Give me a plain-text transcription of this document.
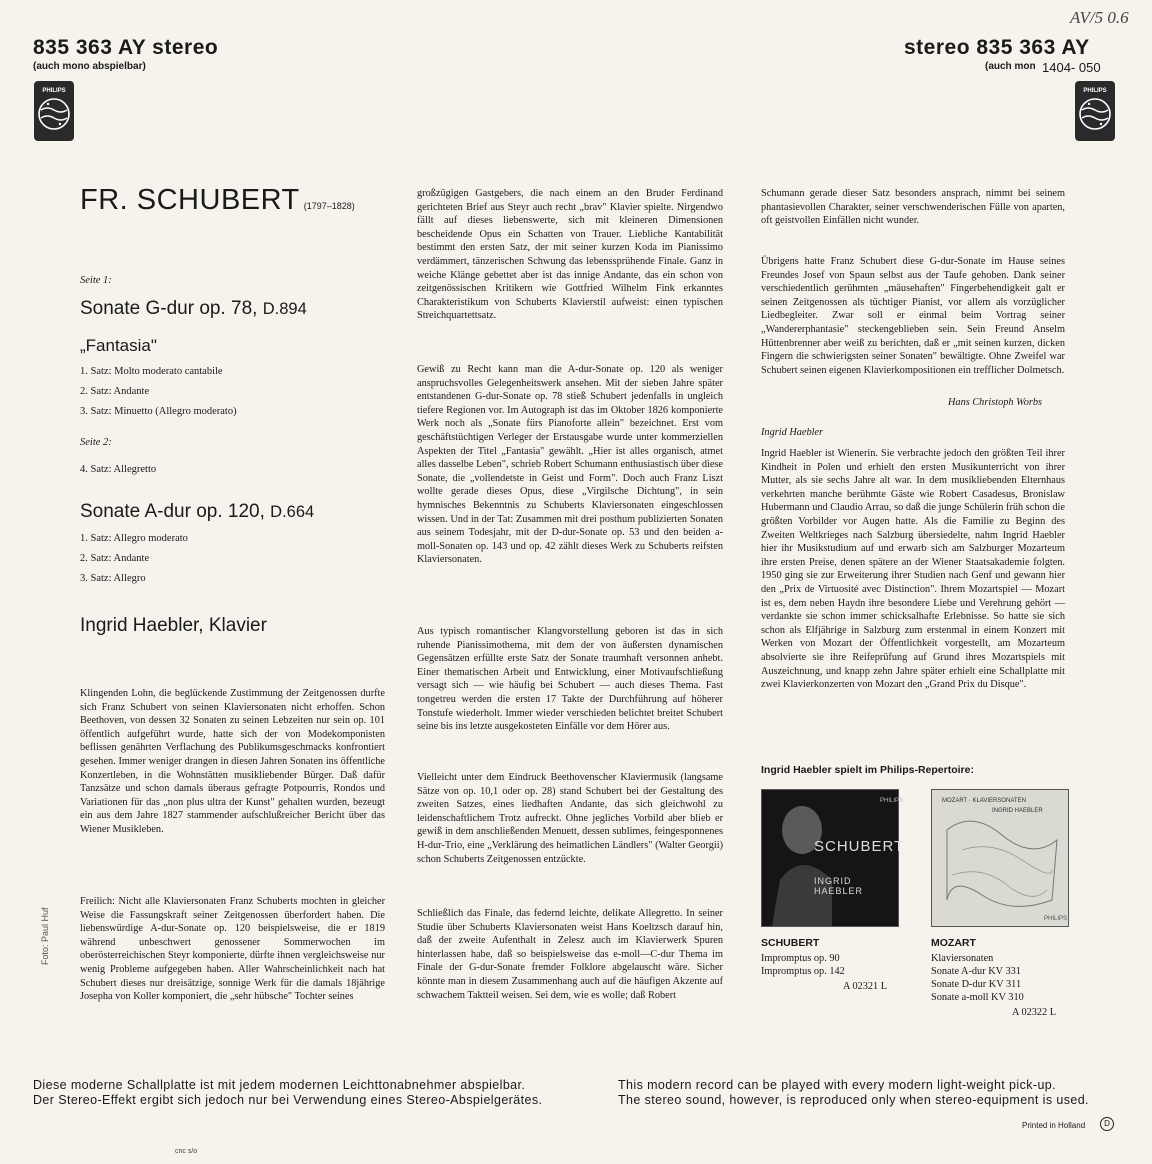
835 363 AY stereo
(auch mono abspielbar)
stereo 835 363 AY
(auch mon 1404- 050
AV/5 0.6
PHILIPS	PHILIPS
FR. SCHUBERT (1797–1828)
Seite 1:
Sonate G-dur op. 78, D.894
„Fantasia"
1. Satz: Molto moderato cantabile
2. Satz: Andante
3. Satz: Minuetto (Allegro moderato)
Seite 2:
4. Satz: Allegretto
Sonate A-dur op. 120, D.664
1. Satz: Allegro moderato
2. Satz: Andante
3. Satz: Allegro
Ingrid Haebler, Klavier
Klingenden Lohn, die beglückende Zustimmung der Zeitgenossen durfte sich Franz Schubert von seinen Klaviersonaten nicht erhoffen. Schon Beethoven, von dessen 32 Sonaten zu seinen Lebzeiten nur sein op. 101 öffentlich aufgeführt wurde, hatte sich der von Modekomponisten beflissen genährten Verflachung des Publikumsgeschmacks konfrontiert gesehen. Immer weniger drangen in diesen Jahren Sonaten ins öffentliche Konzertleben, in die Wohnstätten musikliebender Bürger. Daß dafür Tanzsätze und schon damals überaus gefragte Potpourris, Rondos und Variationen für das „non plus ultra der Kunst" gehalten wurden, bezeugt ein aus dem Jahre 1827 stammender aufschlußreicher Bericht über das Wiener Musikleben.
Freilich: Nicht alle Klaviersonaten Franz Schuberts mochten in gleicher Weise die Fassungskraft seiner Zeitgenossen überfordert haben. Die liebenswürdige A-dur-Sonate op. 120 beispielsweise, die er 1819 während unbeschwert genossener Sommerwochen im oberösterreichischen Steyr komponierte, dürfte ihnen vergleichsweise nur wenig Probleme aufgegeben haben. Aller Wahrscheinlichkeit nach hat Schubert dieses nur dreisätzige, sonnige Werk für die damals 18jährige Josepha von Koller komponiert, die „sehr hübsche" Tochter seines
Foto: Paul Huf
großzügigen Gastgebers, die nach einem an den Bruder Ferdinand gerichteten Brief aus Steyr auch recht „brav" Klavier spielte. Nirgendwo fällt auf dieses liebenswerte, sich mit kleineren Dimensionen bescheidende Opus ein Schatten von Trauer. Liebliche Kantabilität bestimmt den ersten Satz, der mit seiner kurzen Koda im Pianissimo verdämmert, tänzerischen Schwung das lebenssprühende Finale. Ganz in weiche Klänge gebettet aber ist das innige Andante, das ein schon von zeitgenössischen Kritikern wie Gottfried Wilhelm Fink erkanntes Charakteristikum von Schuberts Klavierstil aufweist: einen typischen Streichquartettsatz.
Gewiß zu Recht kann man die A-dur-Sonate op. 120 als weniger anspruchsvolles Gelegenheitswerk ansehen. Mit der sieben Jahre später entstandenen G-dur-Sonate op. 78 stieß Schubert jedenfalls in ungleich tiefere Regionen vor. Im Autograph ist das im Oktober 1826 komponierte Werk noch als „Sonate fürs Pianoforte allein" bezeichnet. Erst vom geschäftstüchtigen Verleger der Erstausgabe wurde unter kommerziellen Aspekten der Titel „Fantasia" gewählt. „Hier ist alles organisch, atmet alles dasselbe Leben", schrieb Robert Schumann enthusiastisch über diese Sonate, die „vollendetste in Geist und Form". Doch auch Franz Liszt wollte gerade dieses Opus, diese „Virgilsche Dichtung", in sein hymnisches Bekenntnis zu Schuberts Klaviersonaten eingeschlossen wissen. Und in der Tat: Zusammen mit drei posthum publizierten Sonaten aus seinem Todesjahr, mit der D-dur-Sonate op. 53 und den beiden a-moll-Sonaten op. 143 und op. 42 zählt dieses Werk zu Schuberts reifsten Klaviersonaten.
Aus typisch romantischer Klangvorstellung geboren ist das in sich ruhende Pianissimothema, mit dem der von äußersten dynamischen Gegensätzen erfüllte erste Satz der Sonate traumhaft versonnen anhebt. Einer thematischen Arbeit und Entwicklung, einer Motivaufschließung versagt sich — wie häufig bei Schubert — auch dieses Thema. Fast tongetreu werden die ersten 17 Takte der Durchführung auf höherer Tonstufe wiederholt. Immer wieder verschieden belichtet breitet Schubert seine bis ins letzte ausgekosteten Einfälle vor dem Hörer aus.
Vielleicht unter dem Eindruck Beethovenscher Klaviermusik (langsame Sätze von op. 10,1 oder op. 28) stand Schubert bei der Gestaltung des zweiten Satzes, eines liedhaften Andante, das sich gleichwohl zu leidenschaftlichem Trotz aufreckt. Ohne jegliches Vorbild aber blieb er gewiß in dem anschließenden Menuett, dessen sublimes, feingesponnenes H-dur-Trio, eine „Verklärung des heimatlichen Ländlers" (Walter Georgii) schon Schuberts Zeitgenossen entzückte.
Schließlich das Finale, das federnd leichte, delikate Allegretto. In seiner Studie über Schuberts Klaviersonaten weist Hans Koeltzsch darauf hin, daß der zweite Aufenthalt in Zelesz auch im Klavierwerk Spuren hinterlassen habe, daß so beispielsweise das e-moll—C-dur Thema im Finale der G-dur-Sonate fremder Folklore abgelauscht wäre. Sicher könnte man in diesem Zusammenhang auch auf die häufigen Akzente auf schwachem Taktteil weisen. Sei dem, wie es wolle; daß Robert
Schumann gerade dieser Satz besonders ansprach, nimmt bei seinem phantasievollen Charakter, seiner verschwenderischen Fülle von aparten, oft geistvollen Einfällen nicht wunder.
Übrigens hatte Franz Schubert diese G-dur-Sonate im Hause seines Freundes Josef von Spaun selbst aus der Taufe gehoben. Dank seiner verschiedentlich gerühmten „mäusehaften" Fingerbehendigkeit galt er seinen Zeitgenossen als tüchtiger Pianist, vor allem als vorzüglicher Liedbegleiter. Zwar soll er einmal beim Vortrag seiner „Wandererphantasie" steckengeblieben sein. Sein Freund Anselm Hüttenbrenner aber weiß zu berichten, daß er „mit seinen kurzen, dicken Fingern die schwierigsten seiner Sonaten" bewältigte. Ohne Zweifel war Schubert seinen eigenen Klavierkompositionen ein trefflicher Dolmetsch.
Hans Christoph Worbs
Ingrid Haebler
Ingrid Haebler ist Wienerin. Sie verbrachte jedoch den größten Teil ihrer Kindheit in Polen und erhielt den ersten Musikunterricht von ihrer Mutter, als sie sechs Jahre alt war. In dem musikliebenden Elternhaus verkehrten manche berühmte Gäste wie Robert Casadesus, Bronislaw Hubermann und Claudio Arrau, so daß die junge Schülerin früh schon die größten Vorbilder vor Augen hatte. Als die Familie zu Beginn des Zweiten Weltkrieges nach Salzburg übersiedelte, nahm Ingrid Haebler hier ihr Musikstudium auf und erwarb sich am Salzburger Mozarteum ihre ersten Preise, denen spätere an der Wiener Staatsakademie folgten. 1950 ging sie zur Erweiterung ihrer Studien nach Genf und gewann hier den „Prix de Virtuosité avec Distinction". Ihrem Mozartspiel — Mozart ist es, dem neben Haydn ihre besondere Liebe und Verehrung gehört — verdankte sie schon immer schicksalhafte Erlebnisse. So hatte sie sich schon als Elfjährige in Salzburg zum erstenmal in einem Konzert mit Werken von Mozart der Öffentlichkeit vorgestellt, am Mozarteum absolvierte sie ihre Reifeprüfung auf Grund ihres Mozartspiels mit Auszeichnung, und knapp zehn Jahre später erhielt eine Schallplatte mit zwei Klavierkonzerten von Mozart den „Grand Prix du Disque".
Ingrid Haebler spielt im Philips-Repertoire:
PHILIPS
SCHUBERT
INGRID HAEBLER
PHILIPS
MOZART · KLAVIERSONATEN
INGRID HAEBLER
SCHUBERT
Impromptus op. 90
Impromptus op. 142
A 02321 L
MOZART
Klaviersonaten
Sonate A-dur KV 331
Sonate D-dur KV 311
Sonate a-moll KV 310
A 02322 L
Diese moderne Schallplatte ist mit jedem modernen Leichttonabnehmer abspielbar.
Der Stereo-Effekt ergibt sich jedoch nur bei Verwendung eines Stereo-Abspielgerätes.
This modern record can be played with every modern light-weight pick-up.
The stereo sound, however, is reproduced only when stereo-equipment is used.
Printed in Holland	D
cnc s/o
